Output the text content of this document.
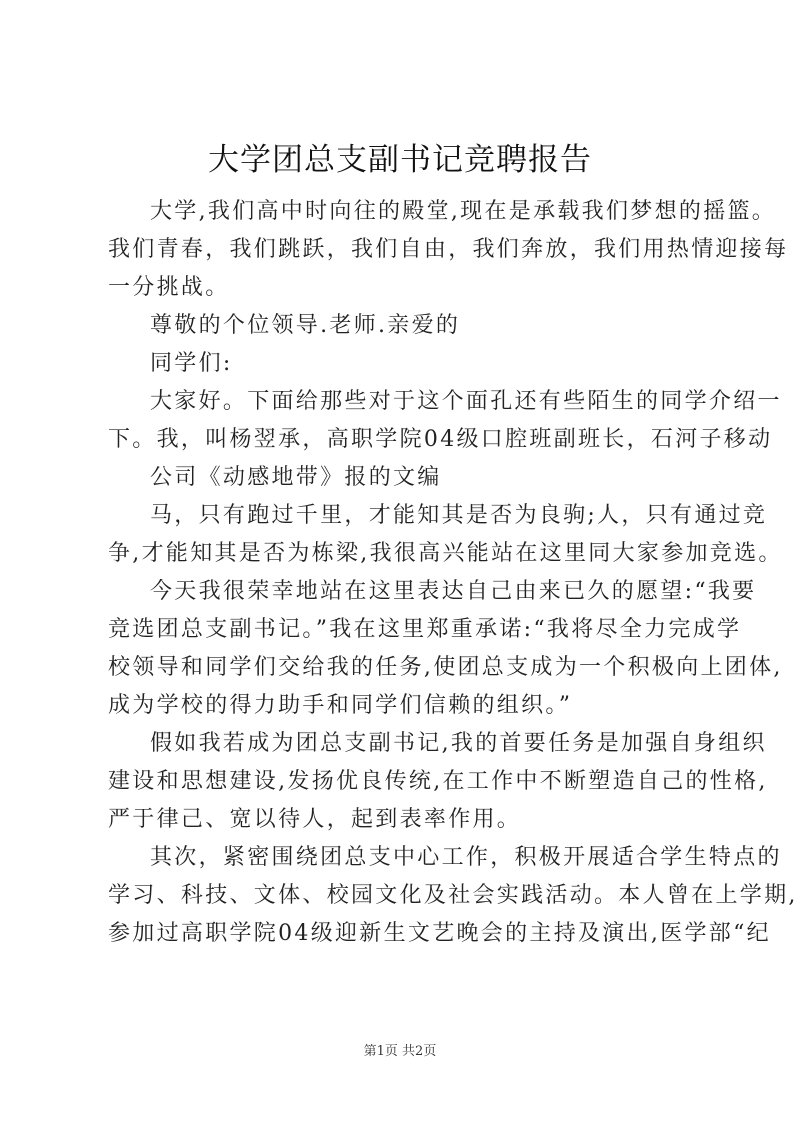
大学团总支副书记竞聘报告
大学,我们高中时向往的殿堂,现在是承载我们梦想的摇篮。
我们青春，我们跳跃，我们自由，我们奔放，我们用热情迎接每
一分挑战。
尊敬的个位领导.老师.亲爱的
同学们:
大家好。下面给那些对于这个面孔还有些陌生的同学介绍一
下。我，叫杨翌承，高职学院04级口腔班副班长，石河子移动
公司《动感地带》报的文编
马，只有跑过千里，才能知其是否为良驹;人，只有通过竞
争,才能知其是否为栋梁,我很高兴能站在这里同大家参加竞选。
今天我很荣幸地站在这里表达自己由来已久的愿望:“我要
竞选团总支副书记。”我在这里郑重承诺:“我将尽全力完成学
校领导和同学们交给我的任务,使团总支成为一个积极向上团体,
成为学校的得力助手和同学们信赖的组织。”
假如我若成为团总支副书记,我的首要任务是加强自身组织
建设和思想建设,发扬优良传统,在工作中不断塑造自己的性格,
严于律己、宽以待人，起到表率作用。
其次，紧密围绕团总支中心工作，积极开展适合学生特点的
学习、科技、文体、校园文化及社会实践活动。本人曾在上学期,
参加过高职学院04级迎新生文艺晚会的主持及演出,医学部“纪
第1页 共2页
